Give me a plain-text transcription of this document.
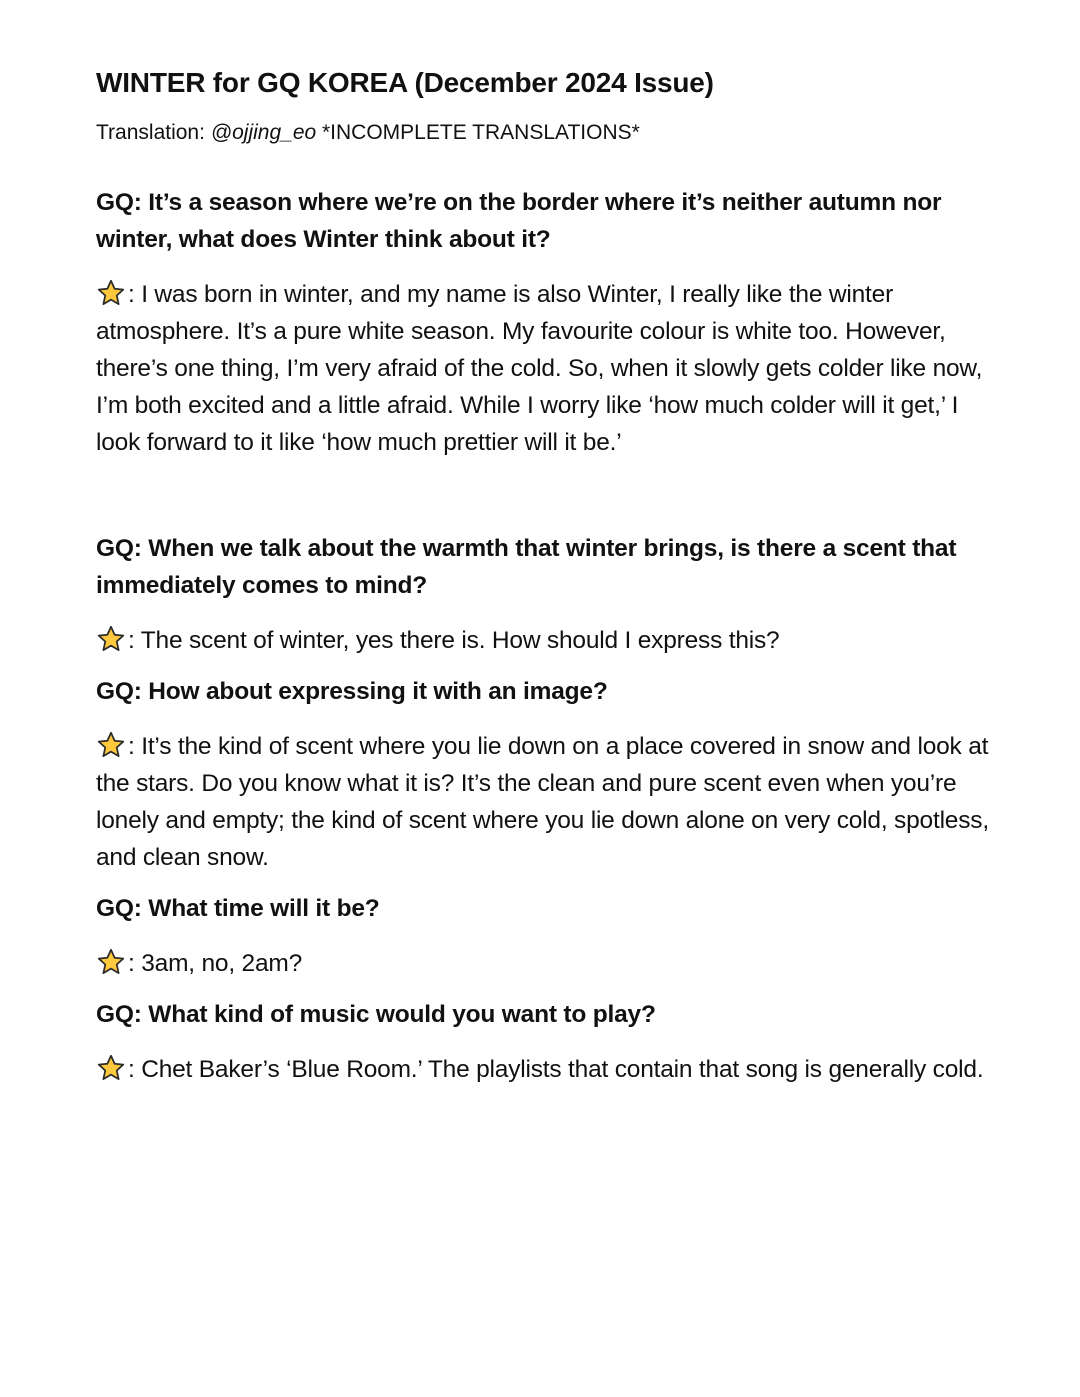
WINTER for GQ KOREA (December 2024 Issue)

Translation: @ojjing_eo *INCOMPLETE TRANSLATIONS*

GQ: It’s a season where we’re on the border where it’s neither autumn nor winter, what does Winter think about it?

: I was born in winter, and my name is also Winter, I really like the winter atmosphere. It’s a pure white season. My favourite colour is white too. However, there’s one thing, I’m very afraid of the cold. So, when it slowly gets colder like now, I’m both excited and a little afraid. While I worry like ‘how much colder will it get,’ I look forward to it like ‘how much prettier will it be.’

GQ: When we talk about the warmth that winter brings, is there a scent that immediately comes to mind?

: The scent of winter, yes there is. How should I express this?

GQ: How about expressing it with an image?

: It’s the kind of scent where you lie down on a place covered in snow and look at the stars. Do you know what it is? It’s the clean and pure scent even when you’re lonely and empty; the kind of scent where you lie down alone on very cold, spotless, and clean snow.

GQ: What time will it be?

: 3am, no, 2am?

GQ: What kind of music would you want to play?

: Chet Baker’s ‘Blue Room.’ The playlists that contain that song is generally cold.
